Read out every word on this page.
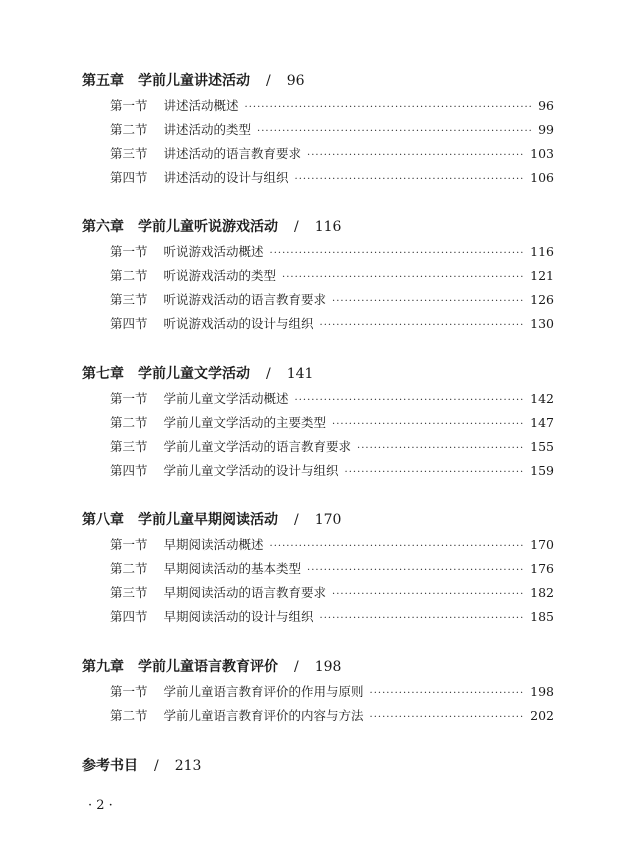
第五章 学前儿童讲述活动 / 96
第一节 讲述活动概述 ·····	96
第二节 讲述活动的类型 ·····	99
第三节 讲述活动的语言教育要求 ·····	103
第四节 讲述活动的设计与组织 ·····	106
第六章 学前儿童听说游戏活动 / 116
第一节 听说游戏活动概述 ·····	116
第二节 听说游戏活动的类型 ·····	121
第三节 听说游戏活动的语言教育要求 ·····	126
第四节 听说游戏活动的设计与组织 ·····	130
第七章 学前儿童文学活动 / 141
第一节 学前儿童文学活动概述 ·····	142
第二节 学前儿童文学活动的主要类型 ·····	147
第三节 学前儿童文学活动的语言教育要求 ·····	155
第四节 学前儿童文学活动的设计与组织 ·····	159
第八章 学前儿童早期阅读活动 / 170
第一节 早期阅读活动概述 ·····	170
第二节 早期阅读活动的基本类型 ·····	176
第三节 早期阅读活动的语言教育要求 ·····	182
第四节 早期阅读活动的设计与组织 ·····	185
第九章 学前儿童语言教育评价 / 198
第一节 学前儿童语言教育评价的作用与原则 ·····	198
第二节 学前儿童语言教育评价的内容与方法 ·····	202
参考书目 / 213
· 2 ·
